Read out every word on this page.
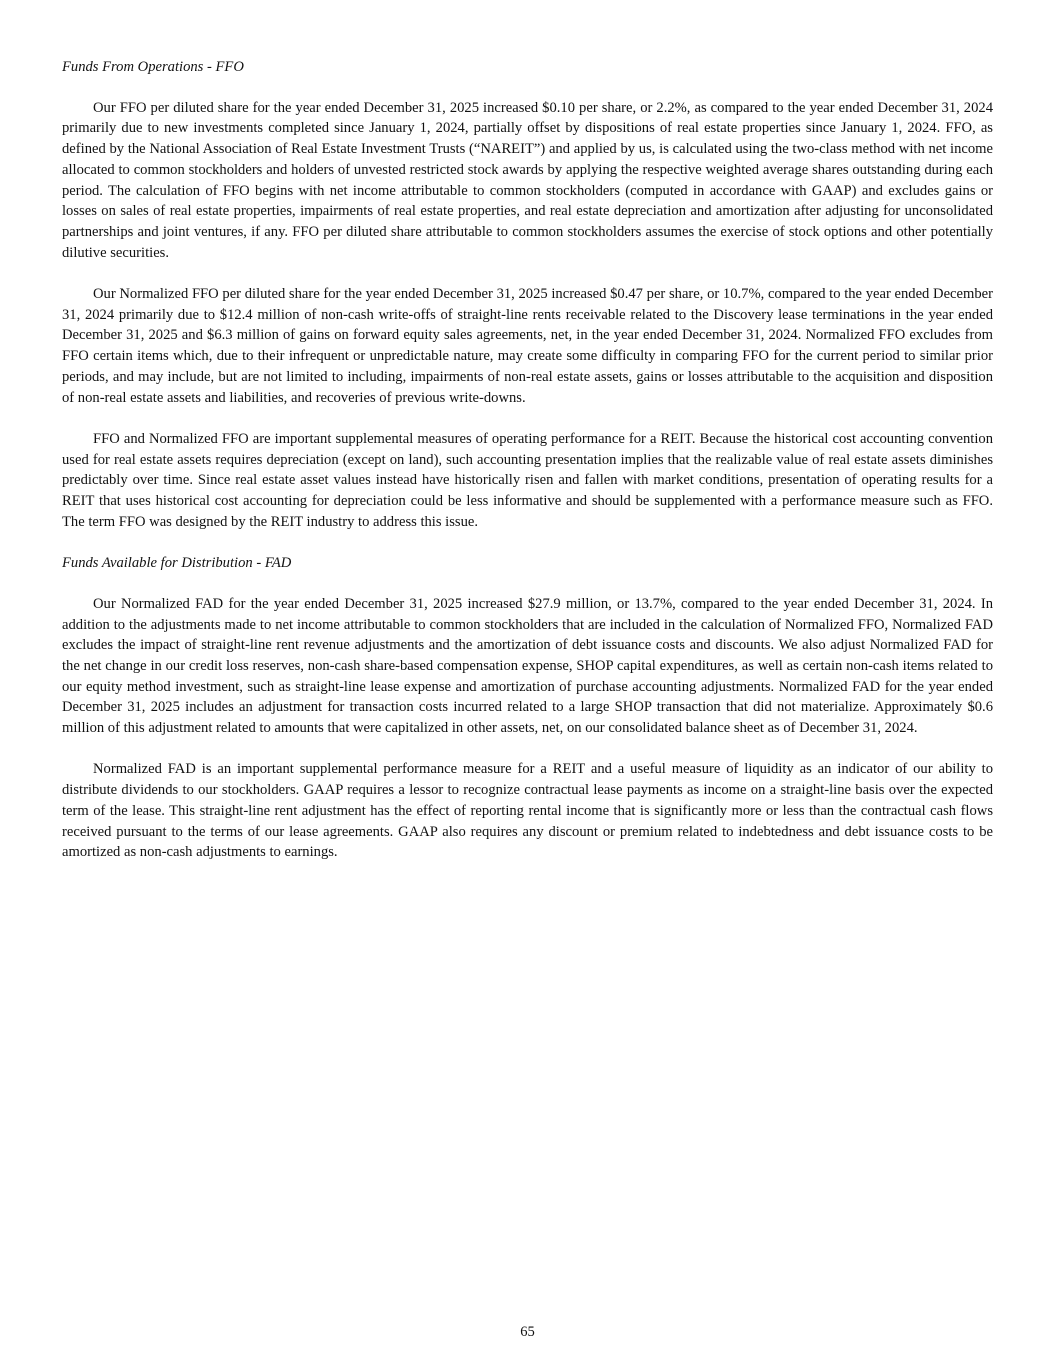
Funds From Operations - FFO

Our FFO per diluted share for the year ended December 31, 2025 increased $0.10 per share, or 2.2%, as compared to the year ended December 31, 2024 primarily due to new investments completed since January 1, 2024, partially offset by dispositions of real estate properties since January 1, 2024. FFO, as defined by the National Association of Real Estate Investment Trusts (“NAREIT”) and applied by us, is calculated using the two-class method with net income allocated to common stockholders and holders of unvested restricted stock awards by applying the respective weighted average shares outstanding during each period. The calculation of FFO begins with net income attributable to common stockholders (computed in accordance with GAAP) and excludes gains or losses on sales of real estate properties, impairments of real estate properties, and real estate depreciation and amortization after adjusting for unconsolidated partnerships and joint ventures, if any. FFO per diluted share attributable to common stockholders assumes the exercise of stock options and other potentially dilutive securities.

Our Normalized FFO per diluted share for the year ended December 31, 2025 increased $0.47 per share, or 10.7%, compared to the year ended December 31, 2024 primarily due to $12.4 million of non-cash write-offs of straight-line rents receivable related to the Discovery lease terminations in the year ended December 31, 2025 and $6.3 million of gains on forward equity sales agreements, net, in the year ended December 31, 2024. Normalized FFO excludes from FFO certain items which, due to their infrequent or unpredictable nature, may create some difficulty in comparing FFO for the current period to similar prior periods, and may include, but are not limited to including, impairments of non-real estate assets, gains or losses attributable to the acquisition and disposition of non-real estate assets and liabilities, and recoveries of previous write-downs.

FFO and Normalized FFO are important supplemental measures of operating performance for a REIT. Because the historical cost accounting convention used for real estate assets requires depreciation (except on land), such accounting presentation implies that the realizable value of real estate assets diminishes predictably over time. Since real estate asset values instead have historically risen and fallen with market conditions, presentation of operating results for a REIT that uses historical cost accounting for depreciation could be less informative and should be supplemented with a performance measure such as FFO. The term FFO was designed by the REIT industry to address this issue.

Funds Available for Distribution - FAD

Our Normalized FAD for the year ended December 31, 2025 increased $27.9 million, or 13.7%, compared to the year ended December 31, 2024. In addition to the adjustments made to net income attributable to common stockholders that are included in the calculation of Normalized FFO, Normalized FAD excludes the impact of straight-line rent revenue adjustments and the amortization of debt issuance costs and discounts. We also adjust Normalized FAD for the net change in our credit loss reserves, non-cash share-based compensation expense, SHOP capital expenditures, as well as certain non-cash items related to our equity method investment, such as straight-line lease expense and amortization of purchase accounting adjustments. Normalized FAD for the year ended December 31, 2025 includes an adjustment for transaction costs incurred related to a large SHOP transaction that did not materialize. Approximately $0.6 million of this adjustment related to amounts that were capitalized in other assets, net, on our consolidated balance sheet as of December 31, 2024.

Normalized FAD is an important supplemental performance measure for a REIT and a useful measure of liquidity as an indicator of our ability to distribute dividends to our stockholders. GAAP requires a lessor to recognize contractual lease payments as income on a straight-line basis over the expected term of the lease. This straight-line rent adjustment has the effect of reporting rental income that is significantly more or less than the contractual cash flows received pursuant to the terms of our lease agreements. GAAP also requires any discount or premium related to indebtedness and debt issuance costs to be amortized as non-cash adjustments to earnings.

65
